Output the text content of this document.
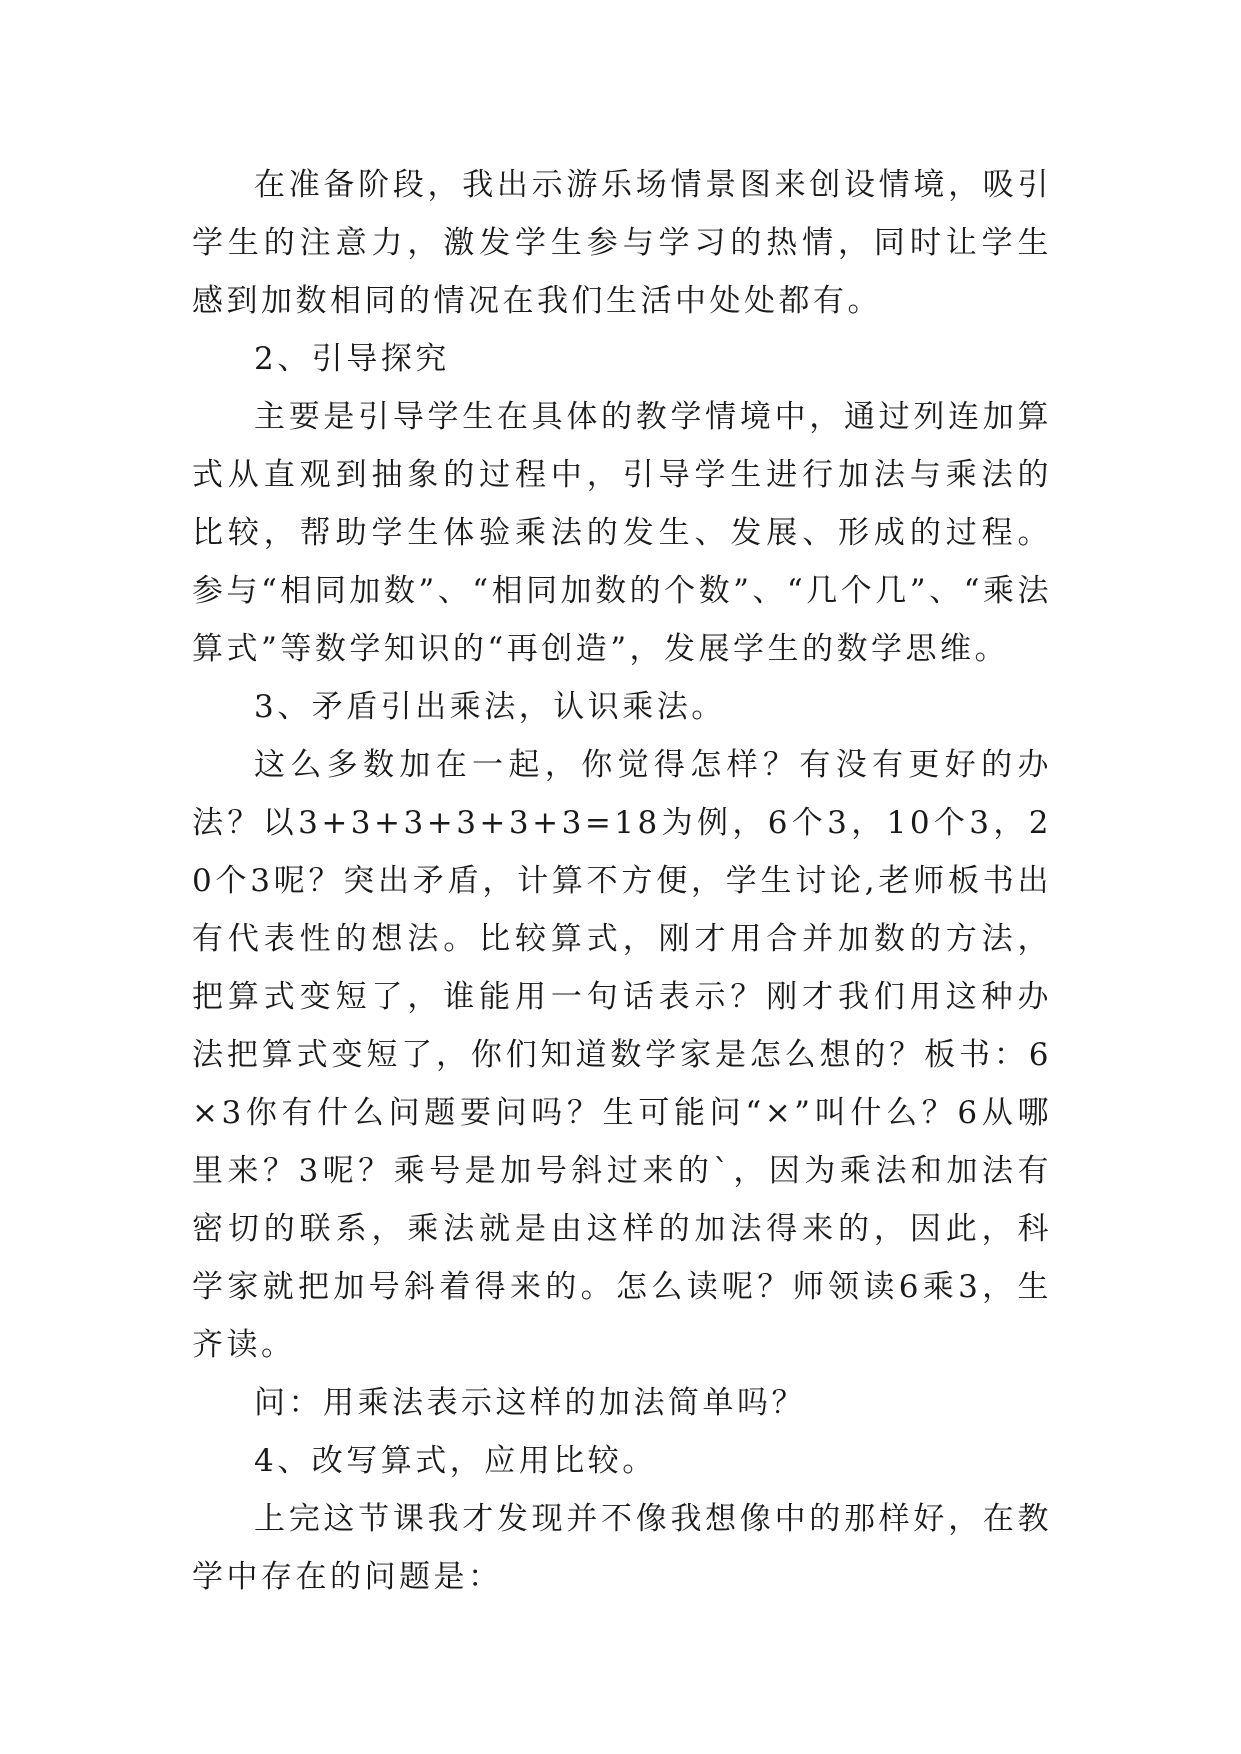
在准备阶段，我出示游乐场情景图来创设情境，吸引学生的注意力，激发学生参与学习的热情，同时让学生感到加数相同的情况在我们生活中处处都有。

2、引导探究

主要是引导学生在具体的教学情境中，通过列连加算式从直观到抽象的过程中，引导学生进行加法与乘法的比较，帮助学生体验乘法的发生、发展、形成的过程。参与“相同加数”、“相同加数的个数”、“几个几”、“乘法算式”等数学知识的“再创造”，发展学生的数学思维。

3、矛盾引出乘法，认识乘法。

这么多数加在一起，你觉得怎样？有没有更好的办法？以3+3+3+3+3+3=18为例，6个3，10个3，20个3呢？突出矛盾，计算不方便，学生讨论,老师板书出有代表性的想法。比较算式，刚才用合并加数的方法，把算式变短了，谁能用一句话表示？刚才我们用这种办法把算式变短了，你们知道数学家是怎么想的？板书：6×3你有什么问题要问吗？生可能问“×”叫什么？6从哪里来？3呢？乘号是加号斜过来的`，因为乘法和加法有密切的联系，乘法就是由这样的加法得来的，因此，科学家就把加号斜着得来的。怎么读呢？师领读6乘3，生齐读。

问：用乘法表示这样的加法简单吗？

4、改写算式，应用比较。

上完这节课我才发现并不像我想像中的那样好，在教学中存在的问题是：
